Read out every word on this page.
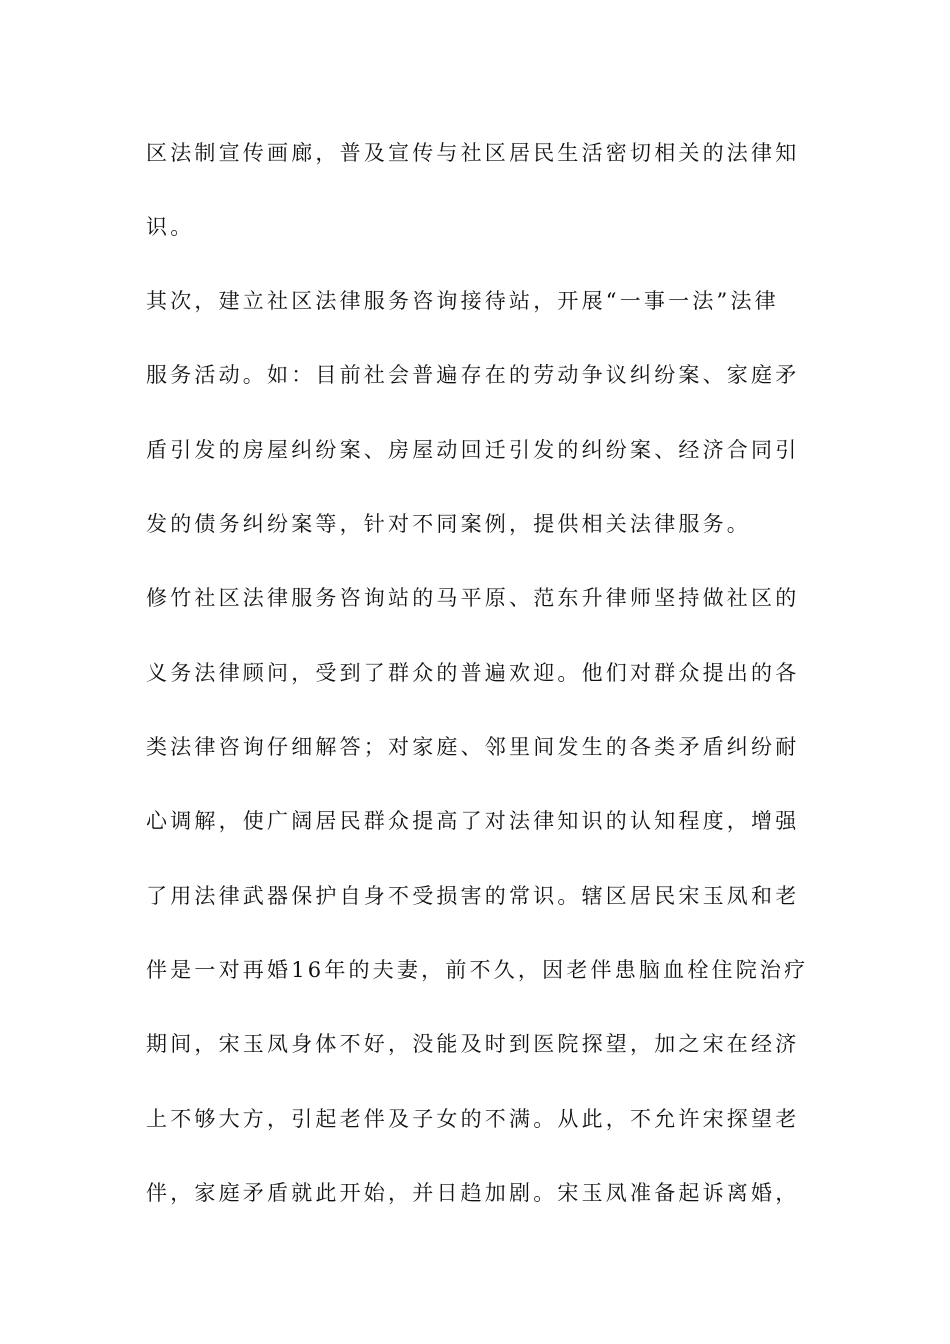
区法制宣传画廊，普及宣传与社区居民生活密切相关的法律知
识。
其次，建立社区法律服务咨询接待站，开展“一事一法”法律
服务活动。如：目前社会普遍存在的劳动争议纠纷案、家庭矛
盾引发的房屋纠纷案、房屋动回迁引发的纠纷案、经济合同引
发的债务纠纷案等，针对不同案例，提供相关法律服务。
修竹社区法律服务咨询站的马平原、范东升律师坚持做社区的
义务法律顾问，受到了群众的普遍欢迎。他们对群众提出的各
类法律咨询仔细解答；对家庭、邻里间发生的各类矛盾纠纷耐
心调解，使广阔居民群众提高了对法律知识的认知程度，增强
了用法律武器保护自身不受损害的常识。辖区居民宋玉凤和老
伴是一对再婚16年的夫妻，前不久，因老伴患脑血栓住院治疗
期间，宋玉凤身体不好，没能及时到医院探望，加之宋在经济
上不够大方，引起老伴及子女的不满。从此，不允许宋探望老
伴，家庭矛盾就此开始，并日趋加剧。宋玉凤准备起诉离婚，
